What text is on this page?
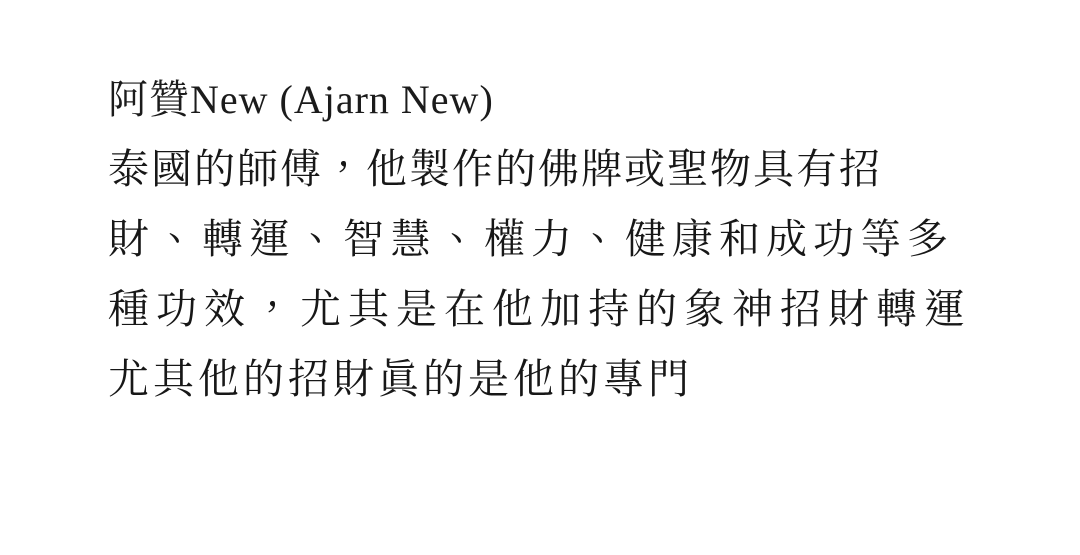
阿贊New (Ajarn New)
泰國的師傅，他製作的佛牌或聖物具有招
財、轉運、智慧、權力、健康和成功等多
種功效，尤其是在他加持的象神招財轉運
尤其他的招財眞的是他的專門
